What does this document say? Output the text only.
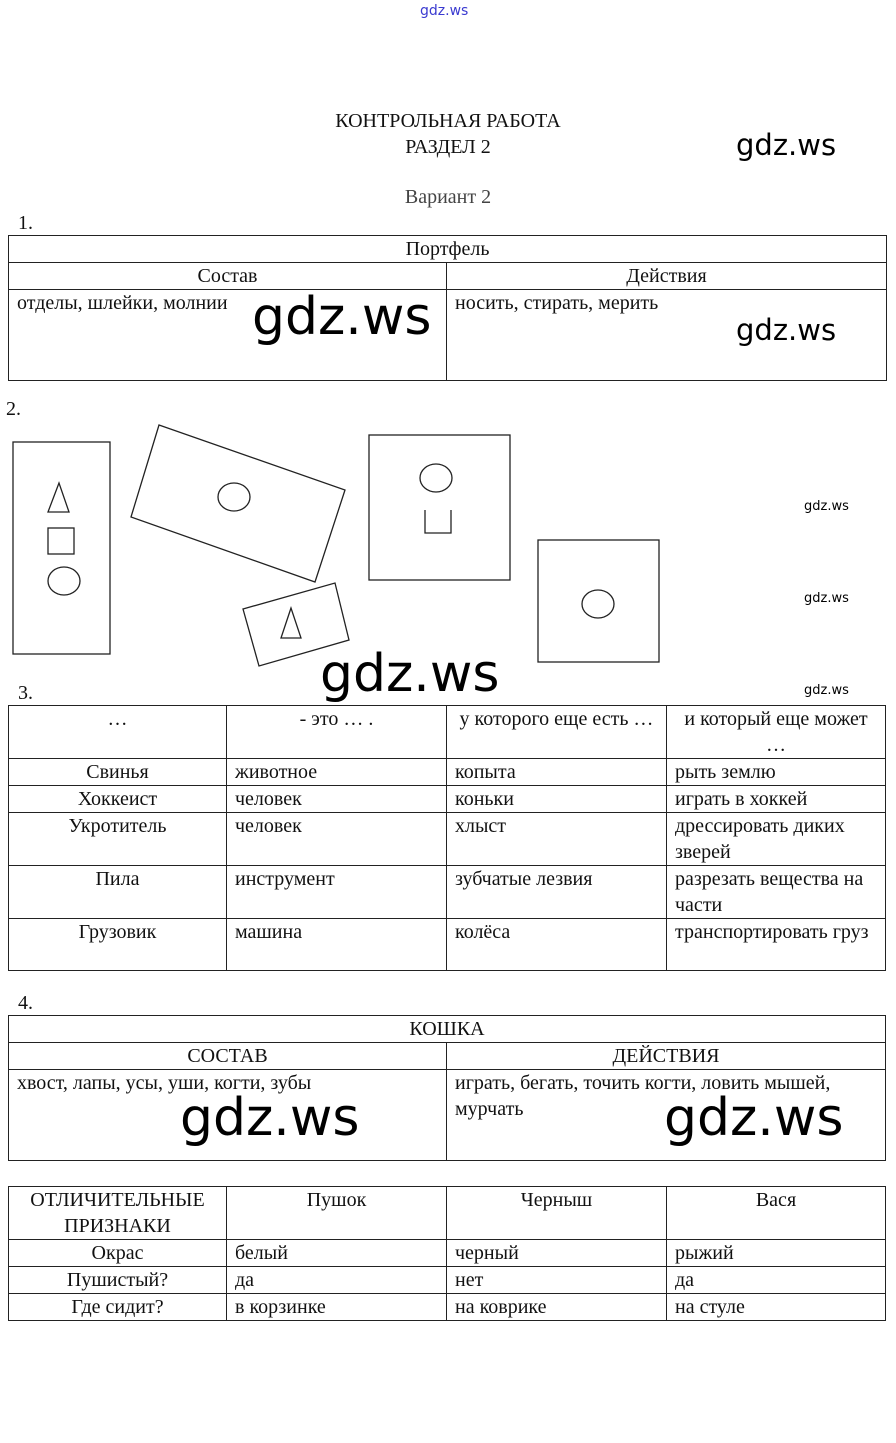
gdz.ws
КОНТРОЛЬНАЯ РАБОТА
РАЗДЕЛ 2
Вариант 2
gdz.ws
1.
Портфель	
Состав	Действия
отделы, шлейки, молнии	носить, стирать, мерить
gdz.ws	gdz.ws
2.
gdz.ws
gdz.ws
gdz.ws	gdz.ws
3.
…	- это … .	у которого еще есть …	и который еще может …
Свинья	животное	копыта	рыть землю
Хоккеист	человек	коньки	играть в хоккей
Укротитель	человек	хлыст	дрессировать диких зверей
Пила	инструмент	зубчатые лезвия	разрезать вещества на части
Грузовик	машина	колёса	транспортировать груз
4.
КОШКА	
СОСТАВ	ДЕЙСТВИЯ
хвост, лапы, усы, уши, когти, зубы	играть, бегать, точить когти, ловить мышей, мурчать
gdz.ws	gdz.ws
ОТЛИЧИТЕЛЬНЫЕ ПРИЗНАКИ	Пушок	Черныш	Вася
Окрас	белый	черный	рыжий
Пушистый?	да	нет	да
Где сидит?	в корзинке	на коврике	на стуле
